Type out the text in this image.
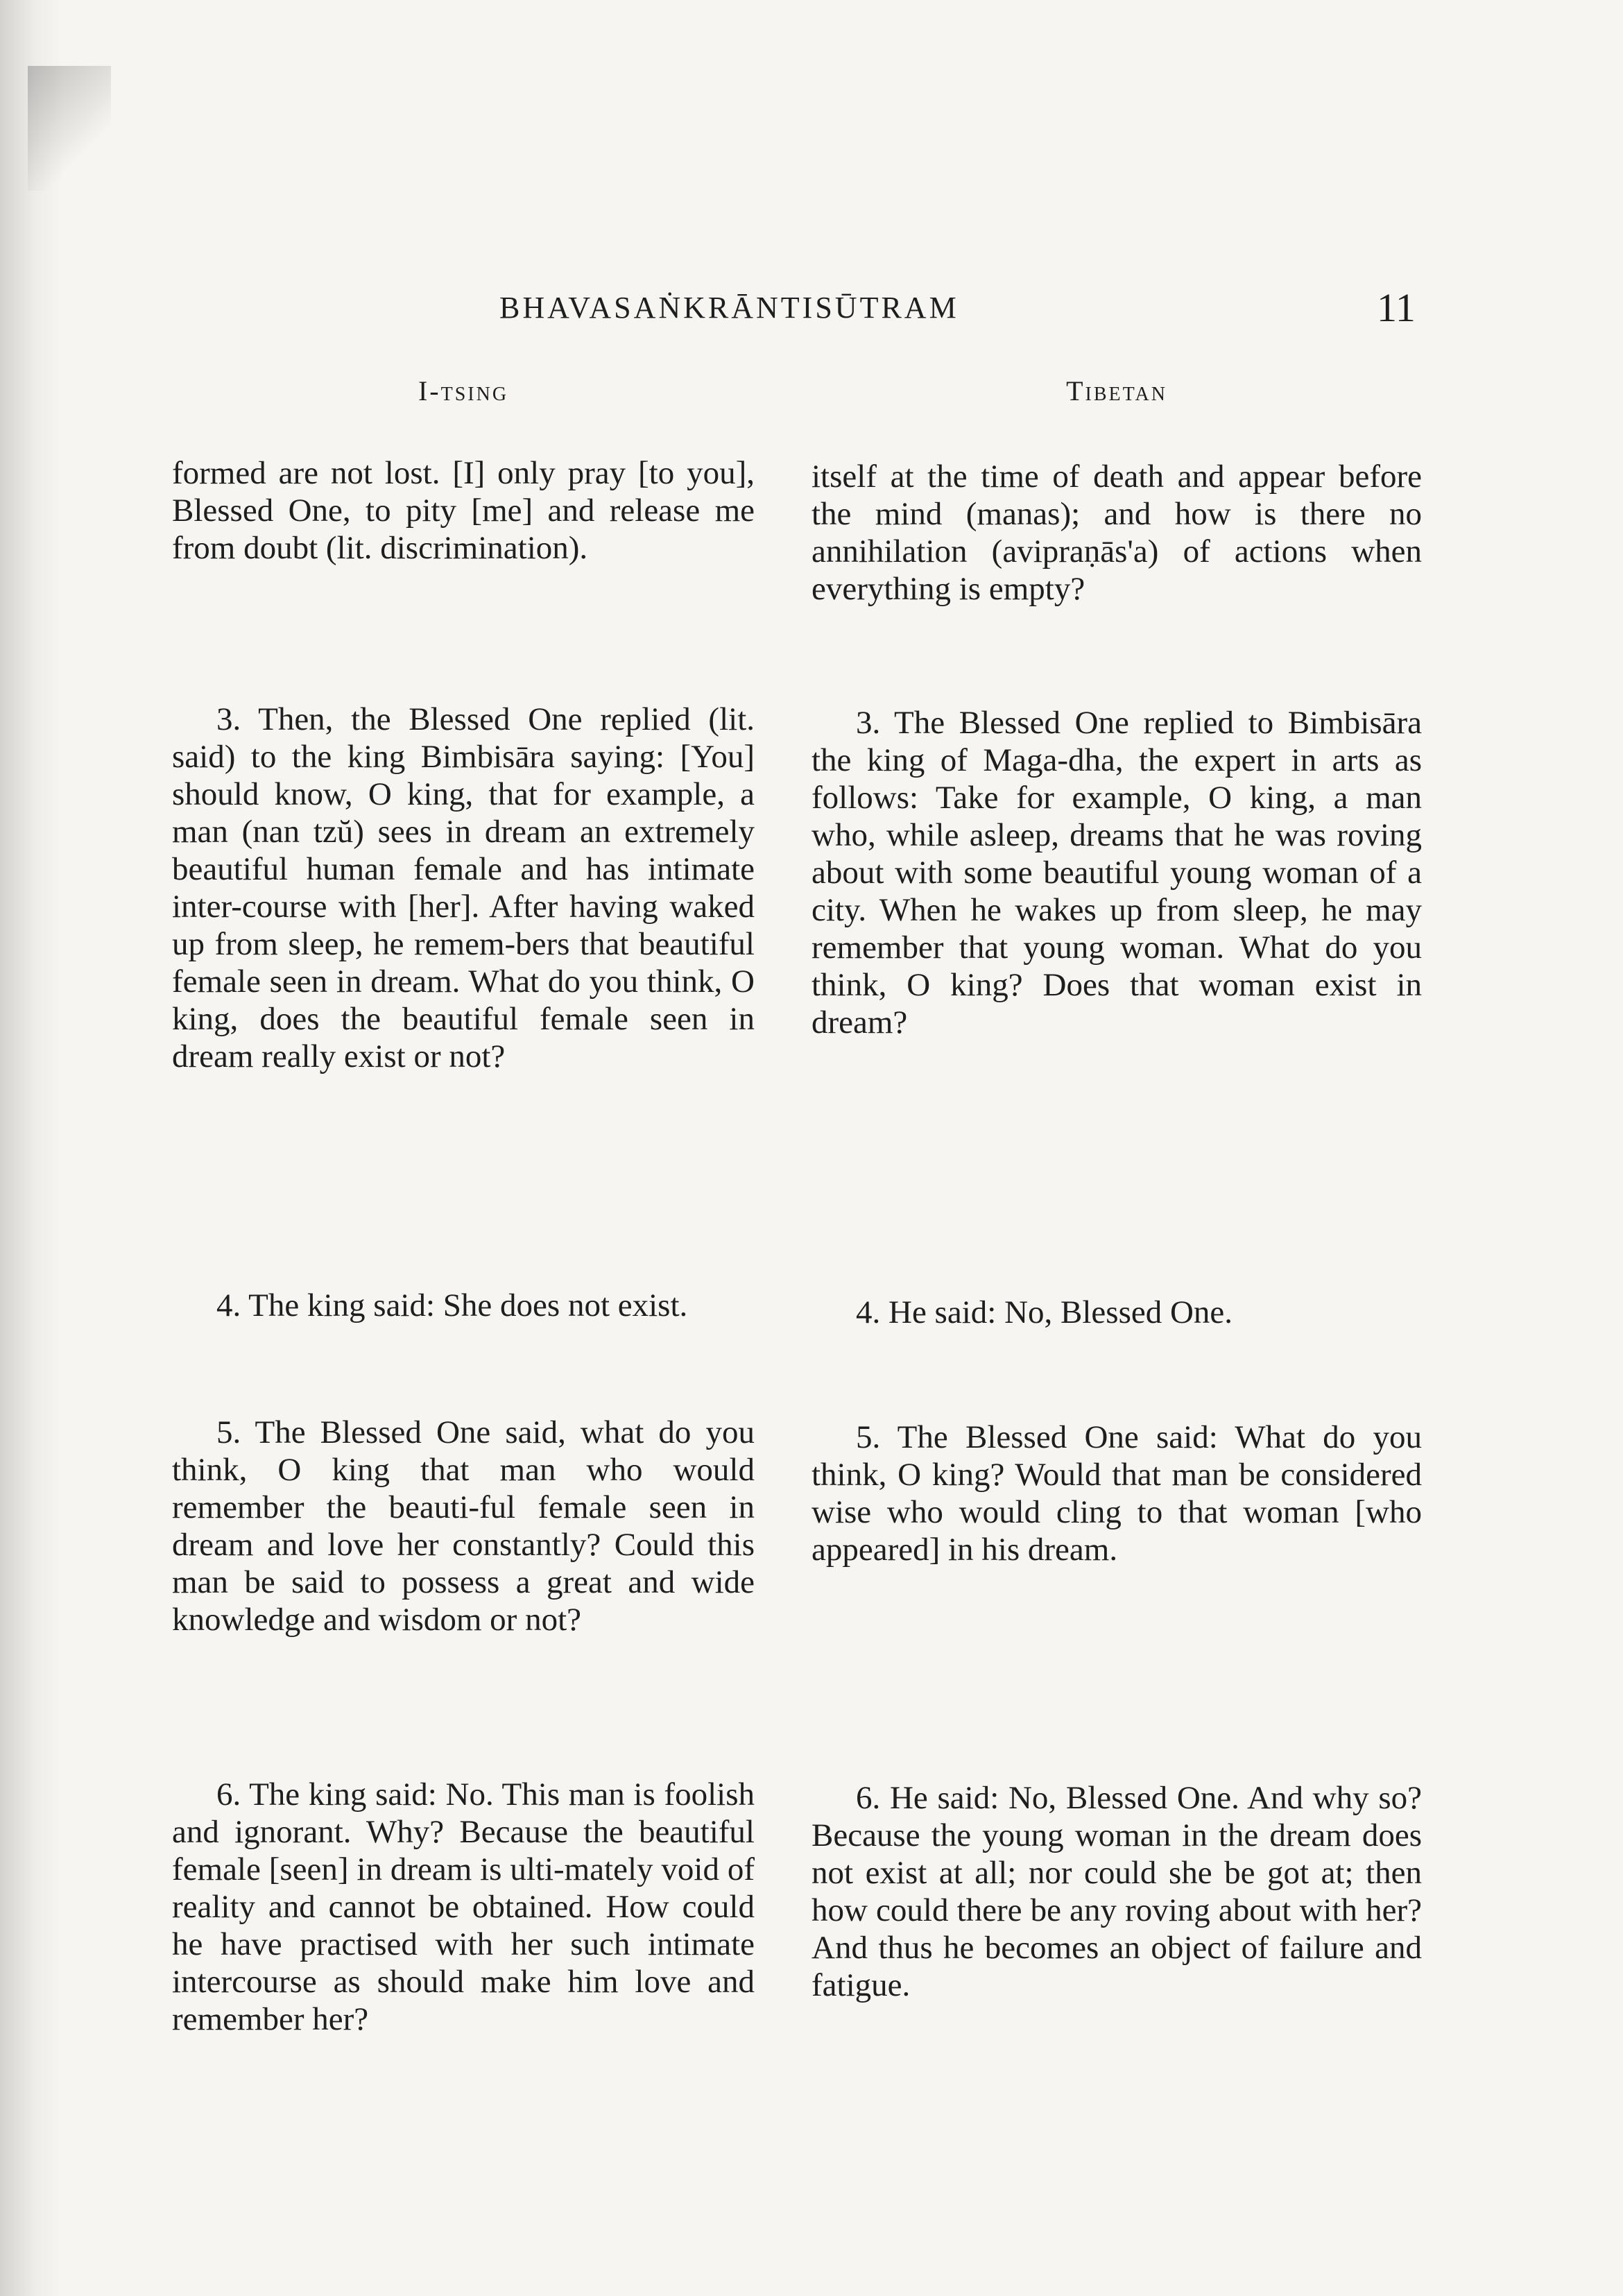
BHAVASAṄKRĀNTISŪTRAM	11
I-tsing

formed are not lost. [I] only pray [to you], Blessed One, to pity [me] and release me from doubt (lit. discrimination).

3. Then, the Blessed One replied (lit. said) to the king Bimbisāra saying: [You] should know, O king, that for example, a man (nan tzŭ) sees in dream an extremely beautiful human female and has intimate inter-course with [her]. After having waked up from sleep, he remem-bers that beautiful female seen in dream. What do you think, O king, does the beautiful female seen in dream really exist or not?

4. The king said: She does not exist.

5. The Blessed One said, what do you think, O king that man who would remember the beauti-ful female seen in dream and love her constantly? Could this man be said to possess a great and wide knowledge and wisdom or not?

6. The king said: No. This man is foolish and ignorant. Why? Because the beautiful female [seen] in dream is ulti-mately void of reality and cannot be obtained. How could he have practised with her such intimate intercourse as should make him love and remember her?

Tibetan

itself at the time of death and appear before the mind (manas); and how is there no annihilation (avipraṇās'a) of actions when everything is empty?

3. The Blessed One replied to Bimbisāra the king of Maga-dha, the expert in arts as follows: Take for example, O king, a man who, while asleep, dreams that he was roving about with some beautiful young woman of a city. When he wakes up from sleep, he may remember that young woman. What do you think, O king? Does that woman exist in dream?

4. He said: No, Blessed One.

5. The Blessed One said: What do you think, O king? Would that man be considered wise who would cling to that woman [who appeared] in his dream.

6. He said: No, Blessed One. And why so? Because the young woman in the dream does not exist at all; nor could she be got at; then how could there be any roving about with her? And thus he becomes an object of failure and fatigue.
